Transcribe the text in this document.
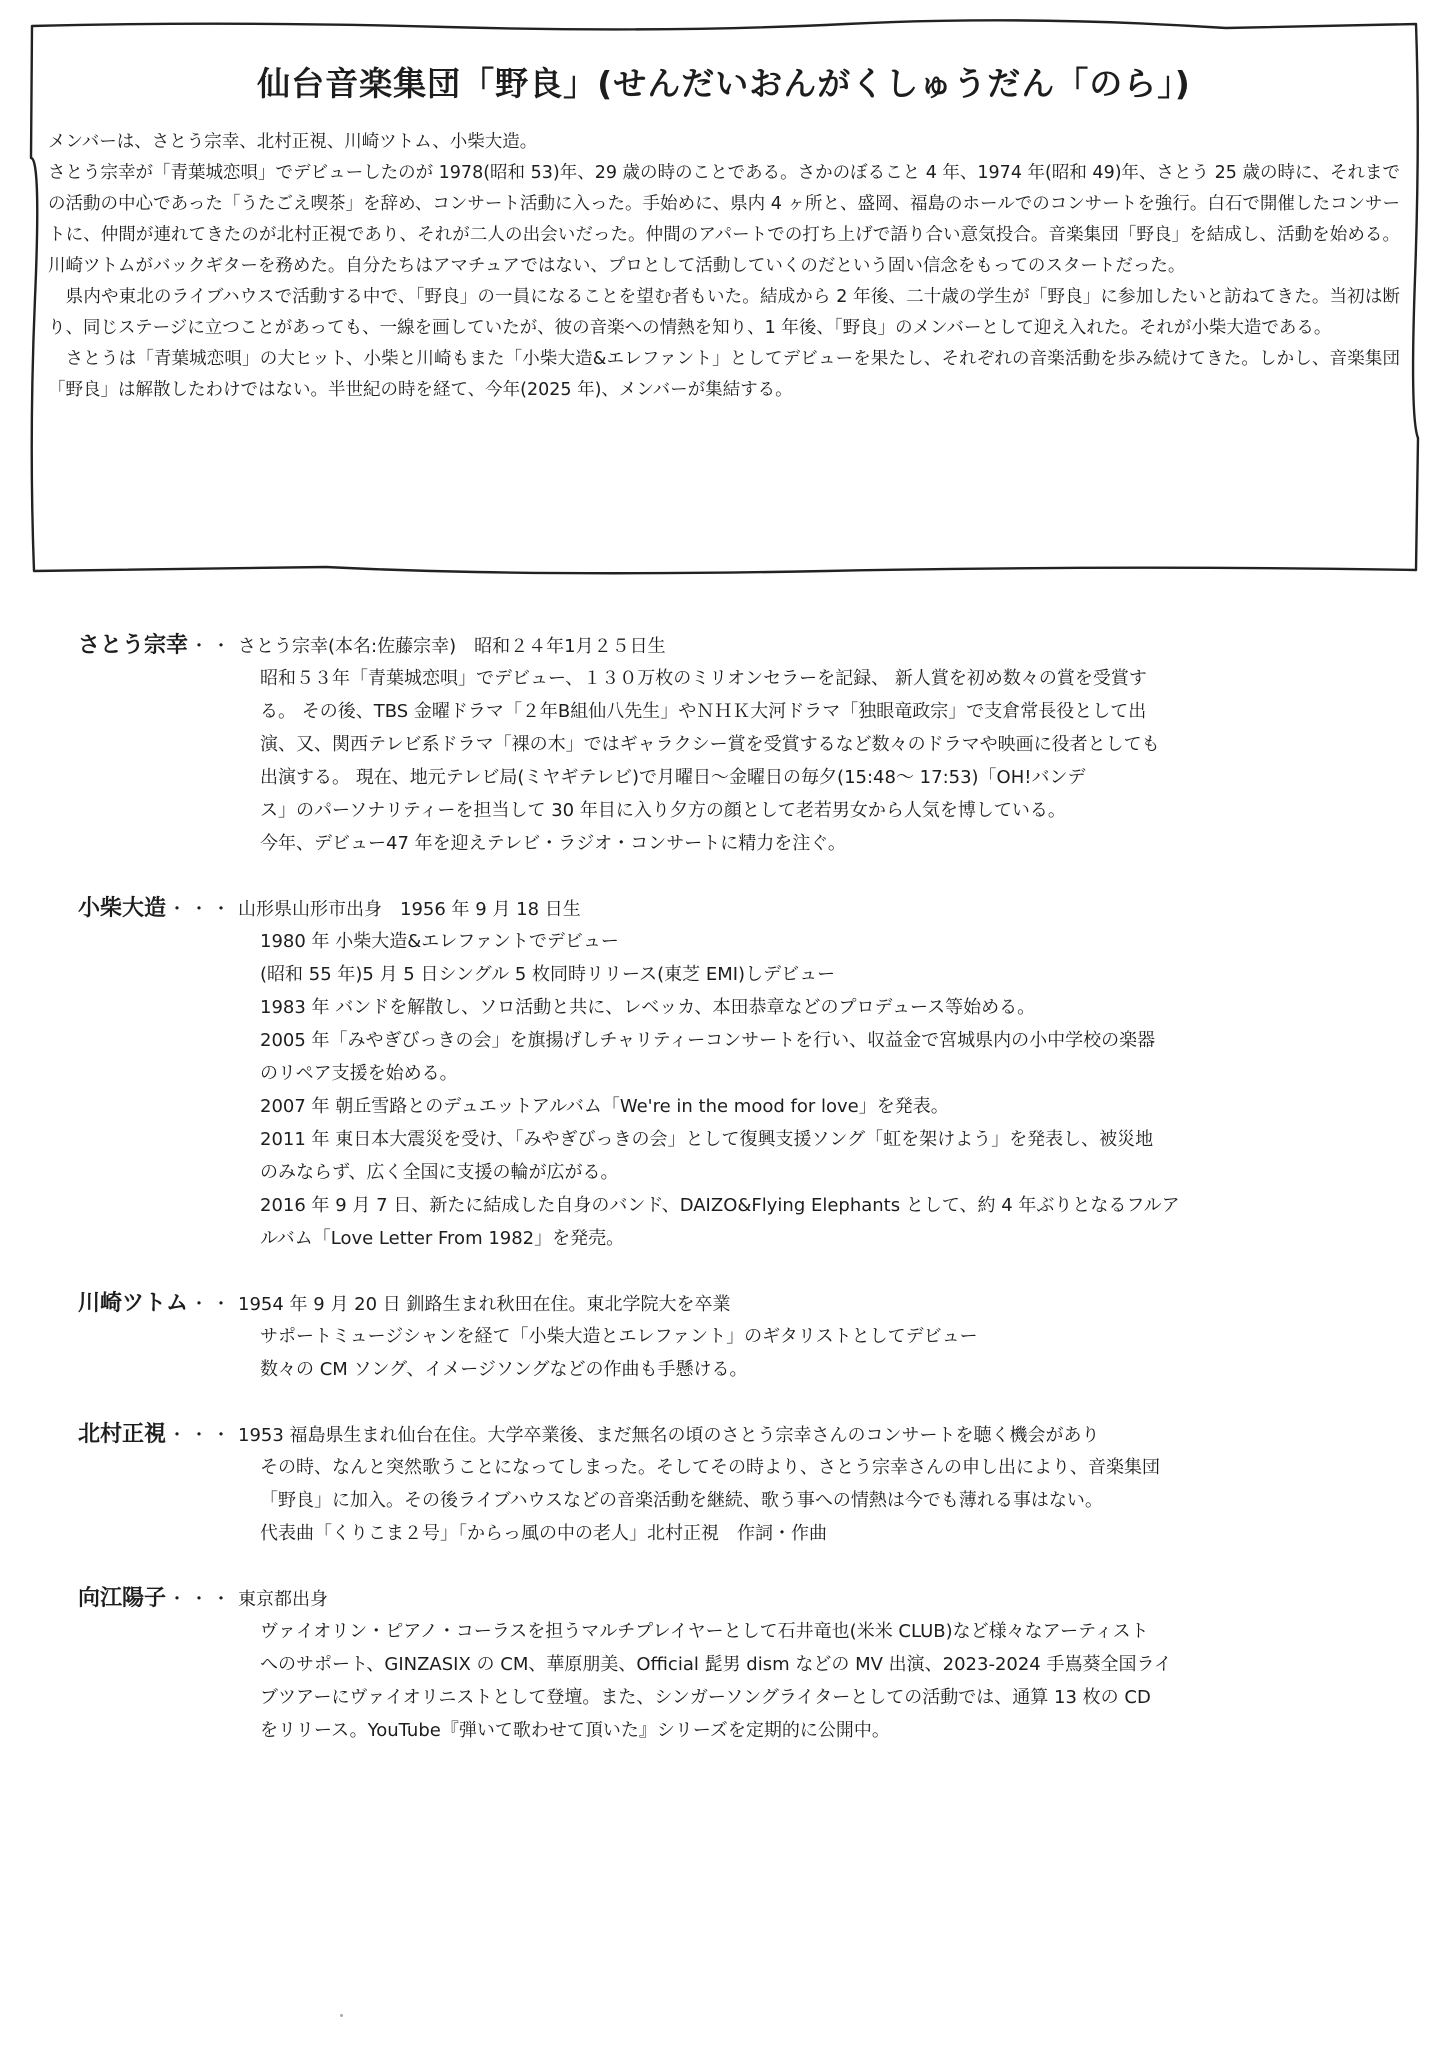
仙台音楽集団「野良」(せんだいおんがくしゅうだん「のら」)

メンバーは、さとう宗幸、北村正視、川崎ツトム、小柴大造。

さとう宗幸が「青葉城恋唄」でデビューしたのが 1978(昭和 53)年、29 歳の時のことである。さかのぼること 4 年、1974 年(昭和 49)年、さとう 25 歳の時に、それまでの活動の中心であった「うたごえ喫茶」を辞め、コンサート活動に入った。手始めに、県内 4 ヶ所と、盛岡、福島のホールでのコンサートを強行。白石で開催したコンサートに、仲間が連れてきたのが北村正視であり、それが二人の出会いだった。仲間のアパートでの打ち上げで語り合い意気投合。音楽集団「野良」を結成し、活動を始める。川崎ツトムがバックギターを務めた。自分たちはアマチュアではない、プロとして活動していくのだという固い信念をもってのスタートだった。

　県内や東北のライブハウスで活動する中で、「野良」の一員になることを望む者もいた。結成から 2 年後、二十歳の学生が「野良」に参加したいと訪ねてきた。当初は断り、同じステージに立つことがあっても、一線を画していたが、彼の音楽への情熱を知り、1 年後、「野良」のメンバーとして迎え入れた。それが小柴大造である。

　さとうは「青葉城恋唄」の大ヒット、小柴と川崎もまた「小柴大造&エレファント」としてデビューを果たし、それぞれの音楽活動を歩み続けてきた。しかし、音楽集団「野良」は解散したわけではない。半世紀の時を経て、今年(2025 年)、メンバーが集結する。

さとう宗幸 ・・ さとう宗幸(本名:佐藤宗幸)　昭和２４年1月２５日生
昭和５３年「青葉城恋唄」でデビュー、１３０万枚のミリオンセラーを記録、 新人賞を初め数々の賞を受賞す
る。 その後、TBS 金曜ドラマ「２年B組仙八先生」やＮＨＫ大河ドラマ「独眼竜政宗」で支倉常長役として出
演、又、関西テレビ系ドラマ「裸の木」ではギャラクシー賞を受賞するなど数々のドラマや映画に役者としても
出演する。 現在、地元テレビ局(ミヤギテレビ)で月曜日〜金曜日の毎夕(15:48〜 17:53)「OH!バンデ
ス」のパーソナリティーを担当して 30 年目に入り夕方の顔として老若男女から人気を博している。
今年、デビュー47 年を迎えテレビ・ラジオ・コンサートに精力を注ぐ。
小柴大造 ・・・ 山形県山形市出身　1956 年 9 月 18 日生
1980 年 小柴大造&エレファントでデビュー
(昭和 55 年)5 月 5 日シングル 5 枚同時リリース(東芝 EMI)しデビュー
1983 年 バンドを解散し、ソロ活動と共に、レベッカ、本田恭章などのプロデュース等始める。
2005 年「みやぎびっきの会」を旗揚げしチャリティーコンサートを行い、収益金で宮城県内の小中学校の楽器
のリペア支援を始める。
2007 年 朝丘雪路とのデュエットアルバム「We're in the mood for love」を発表。
2011 年 東日本大震災を受け、「みやぎびっきの会」として復興支援ソング「虹を架けよう」を発表し、被災地
のみならず、広く全国に支援の輪が広がる。
2016 年 9 月 7 日、新たに結成した自身のバンド、DAIZO&Flying Elephants として、約 4 年ぶりとなるフルア
ルバム「Love Letter From 1982」を発売。
川崎ツトム ・・ 1954 年 9 月 20 日 釧路生まれ秋田在住。東北学院大を卒業
サポートミュージシャンを経て「小柴大造とエレファント」のギタリストとしてデビュー
数々の CM ソング、イメージソングなどの作曲も手懸ける。
北村正視 ・・・ 1953 福島県生まれ仙台在住。大学卒業後、まだ無名の頃のさとう宗幸さんのコンサートを聴く機会があり
その時、なんと突然歌うことになってしまった。そしてその時より、さとう宗幸さんの申し出により、音楽集団
「野良」に加入。その後ライブハウスなどの音楽活動を継続、歌う事への情熱は今でも薄れる事はない。
代表曲「くりこま２号」「からっ風の中の老人」北村正視　作詞・作曲
向江陽子 ・・・ 東京都出身
ヴァイオリン・ピアノ・コーラスを担うマルチプレイヤーとして石井竜也(米米 CLUB)など様々なアーティスト
へのサポート、GINZASIX の CM、華原朋美、Official 髭男 dism などの MV 出演、2023-2024 手嶌葵全国ライ
ブツアーにヴァイオリニストとして登壇。また、シンガーソングライターとしての活動では、通算 13 枚の CD
をリリース。YouTube『弾いて歌わせて頂いた』シリーズを定期的に公開中。
